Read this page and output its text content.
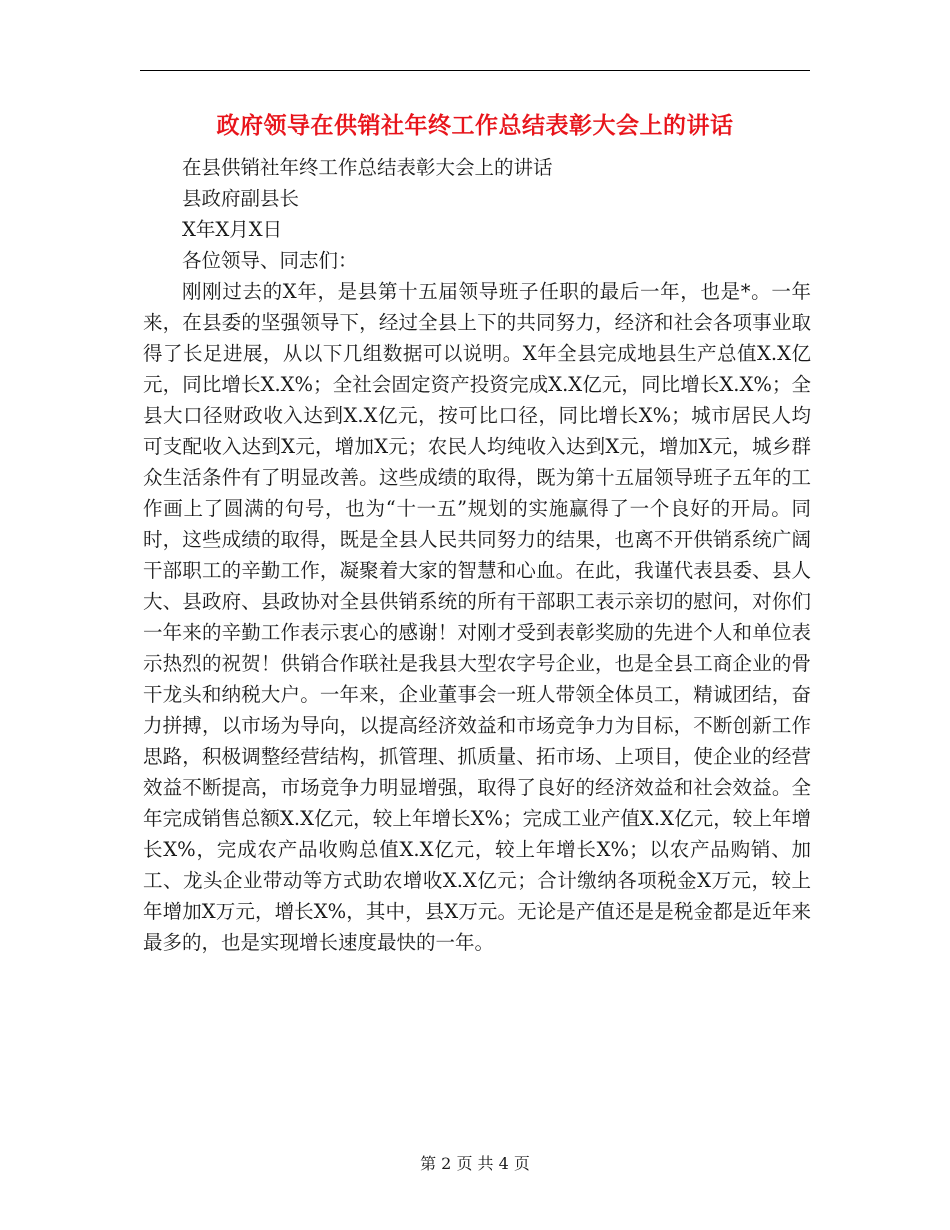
政府领导在供销社年终工作总结表彰大会上的讲话

在县供销社年终工作总结表彰大会上的讲话

县政府副县长

X年X月X日

各位领导、同志们：

刚刚过去的X年，是县第十五届领导班子任职的最后一年，也是*。一年来，在县委的坚强领导下，经过全县上下的共同努力，经济和社会各项事业取得了长足进展，从以下几组数据可以说明。X年全县完成地县生产总值X.X亿元，同比增长X.X%；全社会固定资产投资完成X.X亿元，同比增长X.X%；全县大口径财政收入达到X.X亿元，按可比口径，同比增长X%；城市居民人均可支配收入达到X元，增加X元；农民人均纯收入达到X元，增加X元，城乡群众生活条件有了明显改善。这些成绩的取得，既为第十五届领导班子五年的工作画上了圆满的句号，也为“十一五”规划的实施赢得了一个良好的开局。同时，这些成绩的取得，既是全县人民共同努力的结果，也离不开供销系统广阔干部职工的辛勤工作，凝聚着大家的智慧和心血。在此，我谨代表县委、县人大、县政府、县政协对全县供销系统的所有干部职工表示亲切的慰问，对你们一年来的辛勤工作表示衷心的感谢！对刚才受到表彰奖励的先进个人和单位表示热烈的祝贺！供销合作联社是我县大型农字号企业，也是全县工商企业的骨干龙头和纳税大户。一年来，企业董事会一班人带领全体员工，精诚团结，奋力拼搏，以市场为导向，以提高经济效益和市场竞争力为目标，不断创新工作思路，积极调整经营结构，抓管理、抓质量、拓市场、上项目，使企业的经营效益不断提高，市场竞争力明显增强，取得了良好的经济效益和社会效益。全年完成销售总额X.X亿元，较上年增长X%；完成工业产值X.X亿元，较上年增长X%，完成农产品收购总值X.X亿元，较上年增长X%；以农产品购销、加工、龙头企业带动等方式助农增收X.X亿元；合计缴纳各项税金X万元，较上年增加X万元，增长X%，其中，县X万元。无论是产值还是是税金都是近年来最多的，也是实现增长速度最快的一年。

第 2 页 共 4 页
